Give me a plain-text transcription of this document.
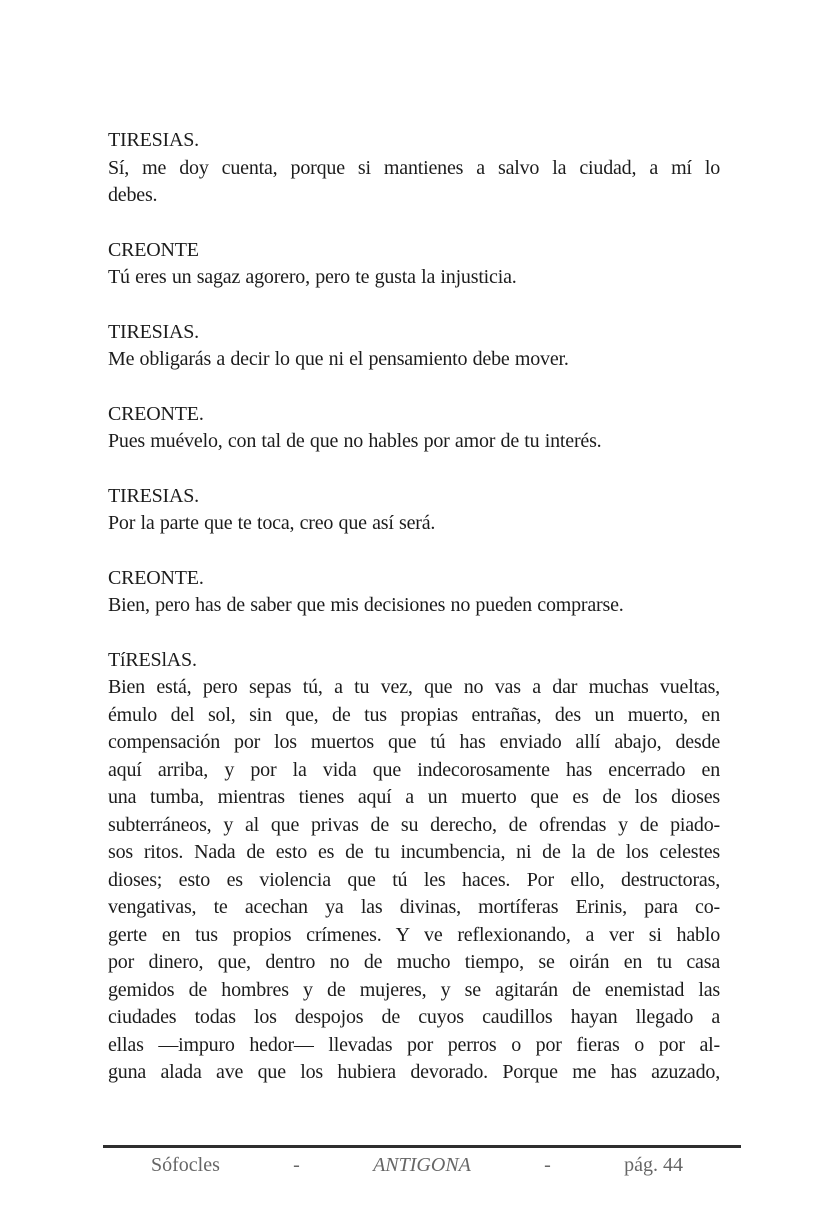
TIRESIAS.
Sí, me doy cuenta, porque si mantienes a salvo la ciudad, a mí lo
debes.
CREONTE
Tú eres un sagaz agorero, pero te gusta la injusticia.
TIRESIAS.
Me obligarás a decir lo que ni el pensamiento debe mover.
CREONTE.
Pues muévelo, con tal de que no hables por amor de tu interés.
TIRESIAS.
Por la parte que te toca, creo que así será.
CREONTE.
Bien, pero has de saber que mis decisiones no pueden comprarse.
TíRESlAS.
Bien está, pero sepas tú, a tu vez, que no vas a dar muchas vueltas,
émulo del sol, sin que, de tus propias entrañas, des un muerto, en
compensación por los muertos que tú has enviado allí abajo, desde
aquí arriba, y por la vida que indecorosamente has encerrado en
una tumba, mientras tienes aquí a un muerto que es de los dioses
subterráneos, y al que privas de su derecho, de ofrendas y de piado-
sos ritos. Nada de esto es de tu incumbencia, ni de la de los celestes
dioses; esto es violencia que tú les haces. Por ello, destructoras,
vengativas, te acechan ya las divinas, mortíferas Erinis, para co-
gerte en tus propios crímenes. Y ve reflexionando, a ver si hablo
por dinero, que, dentro no de mucho tiempo, se oirán en tu casa
gemidos de hombres y de mujeres, y se agitarán de enemistad las
ciudades todas los despojos de cuyos caudillos hayan llegado a
ellas —impuro hedor— llevadas por perros o por fieras o por al-
guna alada ave que los hubiera devorado. Porque me has azuzado,
Sófocles	-	ANTIGONA	-	pág. 44
